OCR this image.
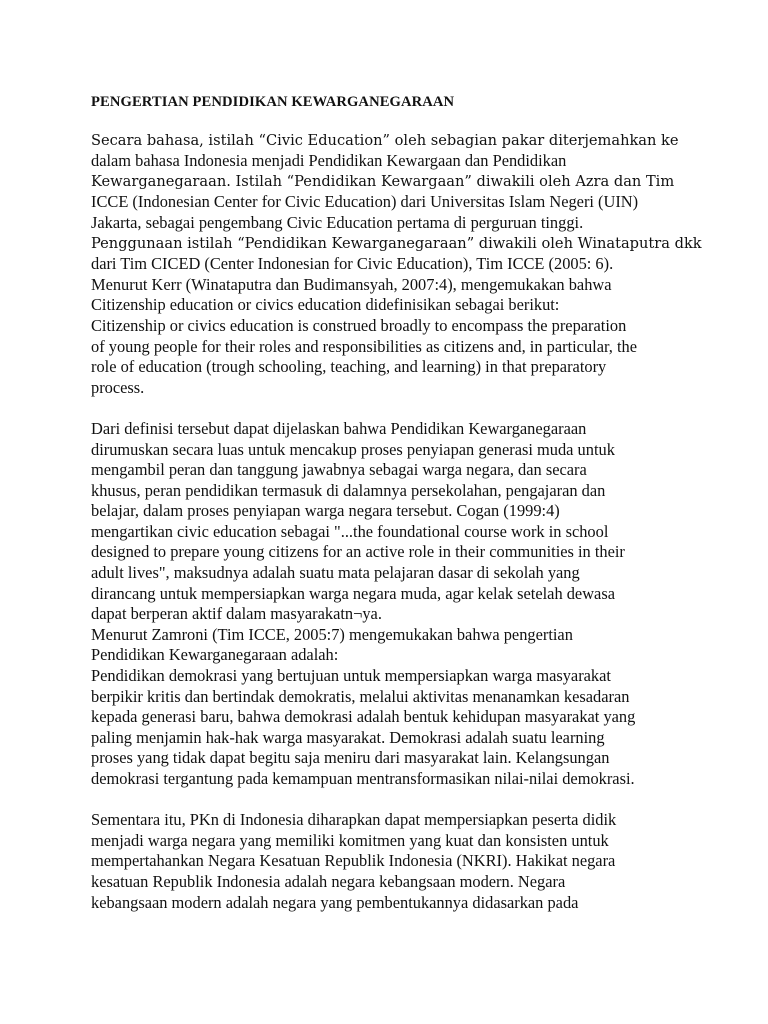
PENGERTIAN PENDIDIKAN KEWARGANEGARAAN
Secara bahasa, istilah “Civic Education” oleh sebagian pakar diterjemahkan ke
dalam bahasa Indonesia menjadi Pendidikan Kewargaan dan Pendidikan
Kewarganegaraan. Istilah “Pendidikan Kewargaan” diwakili oleh Azra dan Tim
ICCE (Indonesian Center for Civic Education) dari Universitas Islam Negeri (UIN)
Jakarta, sebagai pengembang Civic Education pertama di perguruan tinggi.
Penggunaan istilah “Pendidikan Kewarganegaraan” diwakili oleh Winataputra dkk
dari Tim CICED (Center Indonesian for Civic Education), Tim ICCE (2005: 6).
Menurut Kerr (Winataputra dan Budimansyah, 2007:4), mengemukakan bahwa
Citizenship education or civics education didefinisikan sebagai berikut:
Citizenship or civics education is construed broadly to encompass the preparation
of young people for their roles and responsibilities as citizens and, in particular, the
role of education (trough schooling, teaching, and learning) in that preparatory
process.
Dari definisi tersebut dapat dijelaskan bahwa Pendidikan Kewarganegaraan
dirumuskan secara luas untuk mencakup proses penyiapan generasi muda untuk
mengambil peran dan tanggung jawabnya sebagai warga negara, dan secara
khusus, peran pendidikan termasuk di dalamnya persekolahan, pengajaran dan
belajar, dalam proses penyiapan warga negara tersebut. Cogan (1999:4)
mengartikan civic education sebagai "...the foundational course work in school
designed to prepare young citizens for an active role in their communities in their
adult lives", maksudnya adalah suatu mata pelajaran dasar di sekolah yang
dirancang untuk mempersiapkan warga negara muda, agar kelak setelah dewasa
dapat berperan aktif dalam masyarakatn¬ya.
Menurut Zamroni (Tim ICCE, 2005:7) mengemukakan bahwa pengertian
Pendidikan Kewarganegaraan adalah:
Pendidikan demokrasi yang bertujuan untuk mempersiapkan warga masyarakat
berpikir kritis dan bertindak demokratis, melalui aktivitas menanamkan kesadaran
kepada generasi baru, bahwa demokrasi adalah bentuk kehidupan masyarakat yang
paling menjamin hak-hak warga masyarakat. Demokrasi adalah suatu learning
proses yang tidak dapat begitu saja meniru dari masyarakat lain. Kelangsungan
demokrasi tergantung pada kemampuan mentransformasikan nilai-nilai demokrasi.
Sementara itu, PKn di Indonesia diharapkan dapat mempersiapkan peserta didik
menjadi warga negara yang memiliki komitmen yang kuat dan konsisten untuk
mempertahankan Negara Kesatuan Republik Indonesia (NKRI). Hakikat negara
kesatuan Republik Indonesia adalah negara kebangsaan modern. Negara
kebangsaan modern adalah negara yang pembentukannya didasarkan pada
